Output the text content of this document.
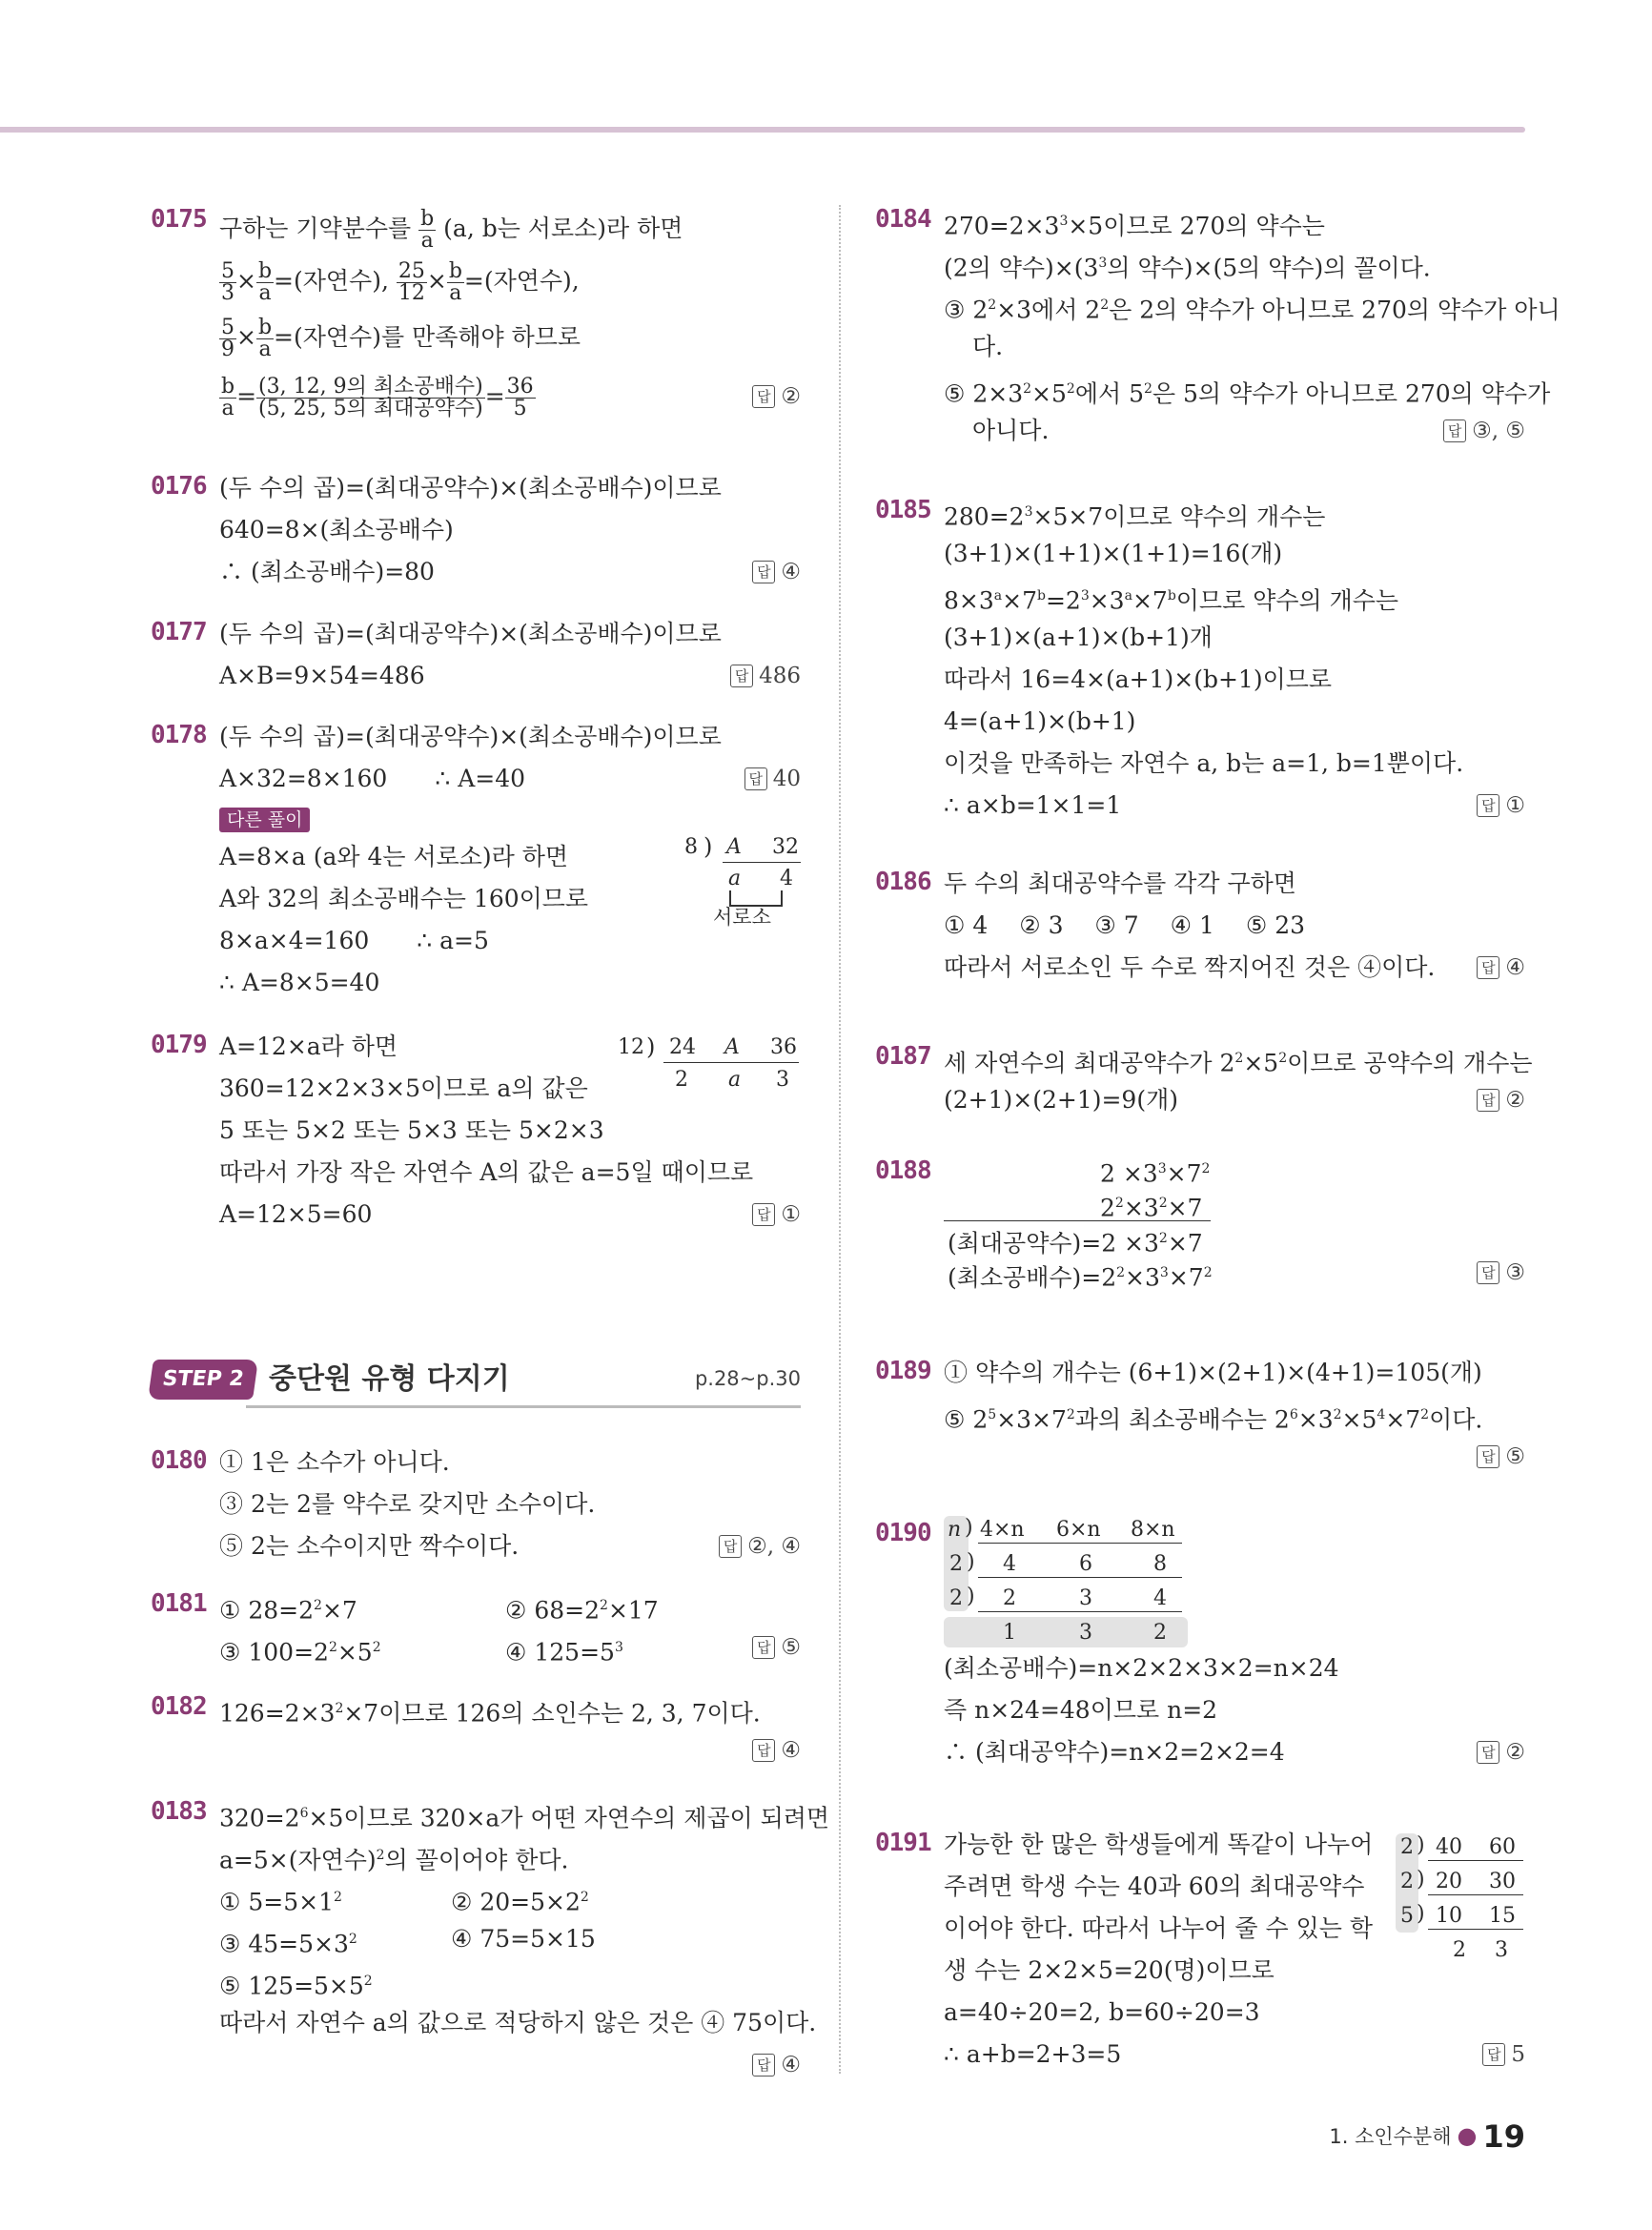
0175 구하는 기약분수를 $\frac{b}{a} (a$, b는 서로소)라 하면
$\frac{5}{3} \times \frac{b}{a}$ =(자연수), $\frac{25}{12} \times \frac{b}{a}$ =(자연수),
$\frac{5}{9} \times \frac{b}{a}$ =(자연수)를 만족해야 하므로
$\frac{b}{a} = \frac{\text{(3, 12, 9의 최소공배수)}}{\text{(5, 25, 5의 최대공약수)}} = \frac{36}{5}$	답 ②
0176 (두 수의 곱)=(최대공약수)×(최소공배수)이므로
640=8×(최소공배수)
∴ (최소공배수)=80	답 ④
0177 (두 수의 곱)=(최대공약수)×(최소공배수)이므로
A×B=9×54=486	답 486
0178 (두 수의 곱)=(최대공약수)×(최소공배수)이므로
A×32=8×160 ∴ A=40	답 40
다른 풀이
A=8×a (a와 4는 서로소)라 하면
A와 32의 최소공배수는 160이므로
8×a×4=160 ∴ a=5
∴ A=8×5=40
8 ) A 32
a 4
서로소
0179 A=12×a라 하면
360=12×2×3×5이므로 a의 값은
5 또는 5×2 또는 5×3 또는 5×2×3
따라서 가장 작은 자연수 A의 값은 a=5일 때이므로
A=12×5=60	답 ①
12 ) 24 A 36
2 a 3
STEP 2 중단원 유형 다지기	p.28~p.30
0180 ① 1은 소수가 아니다.
③ 2는 2를 약수로 갖지만 소수이다.
⑤ 2는 소수이지만 짝수이다.	답 ②, ④
0181 ① $28=2^2\times 7$	② $68=2^2\times 17$
③ $100=2^2\times 5^2$	④ $125=5^3$	답 ⑤
0182 $126=2\times 3^2\times 7$이므로 126의 소인수는 2, 3, 7이다.
답 ④
0183 $320=2^6\times 5$이므로 320×a가 어떤 자연수의 제곱이 되려면
a=5×(자연수)$^2$의 꼴이어야 한다.
① $5=5\times 1^2$	② $20=5\times 2^2$
③ $45=5\times 3^2$	④ 75=5×15
⑤ $125=5\times 5^2$
따라서 자연수 a의 값으로 적당하지 않은 것은 ④ 75이다.
답 ④
0184 $270=2\times 3^3\times 5$이므로 270의 약수는
(2의 약수)$\times(3^3$의 약수)×(5의 약수)의 꼴이다.
③ $2^2\times 3$에서 $2^2$은 2의 약수가 아니므로 270의 약수가 아니
다.
⑤ $2\times 3^2\times 5^2$에서 $5^2$은 5의 약수가 아니므로 270의 약수가
아니다.	답 ③, ⑤
0185 $280=2^3\times 5\times 7$이므로 약수의 개수는
(3+1)×(1+1)×(1+1)=16(개)
$8\times 3^a\times 7^b=2^3\times 3^a\times 7^b$이므로 약수의 개수는
(3+1)×(a+1)×(b+1)개
따라서 16=4×(a+1)×(b+1)이므로
4=(a+1)×(b+1)
이것을 만족하는 자연수 a, b는 a=1, b=1뿐이다.
∴ a×b=1×1=1	답 ①
0186 두 수의 최대공약수를 각각 구하면
① 4　 ② 3　 ③ 7　 ④ 1　 ⑤ 23
따라서 서로소인 두 수로 짝지어진 것은 ④이다.	답 ④
0187 세 자연수의 최대공약수가 $2^2\times 5^2$이므로 공약수의 개수는
(2+1)×(2+1)=9(개)	답 ②
0188	$2 \times 3^3\times 7^2$
$2^2\times 3^2\times 7$
(최대공약수)$=2 \times 3^2\times 7$
(최소공배수)$=2^2\times 3^3\times 7^2$	답 ③
0189 ① 약수의 개수는 (6+1)×(2+1)×(4+1)=105(개)
⑤ $2^5\times 3\times 7^2$과의 최소공배수는 $2^6\times 3^2\times 5^4\times 7^2$이다.
답 ⑤
0190 n ) 4×n 6×n 8×n
2 ) 4	6	8
2 ) 2	3	4
1	3	2
(최소공배수)=n×2×2×3×2=n×24
즉 n×24=48이므로 n=2
∴ (최대공약수)=n×2=2×2=4	답 ②
0191 가능한 한 많은 학생들에게 똑같이 나누어
주려면 학생 수는 40과 60의 최대공약수
이어야 한다. 따라서 나누어 줄 수 있는 학
생 수는 2×2×5=20(명)이므로
a=40÷20=2, b=60÷20=3
∴ a+b=2+3=5	답 5
2 ) 40 60
2 ) 20 30
5 ) 10 15
2 3
1. 소인수분해 ● 19
